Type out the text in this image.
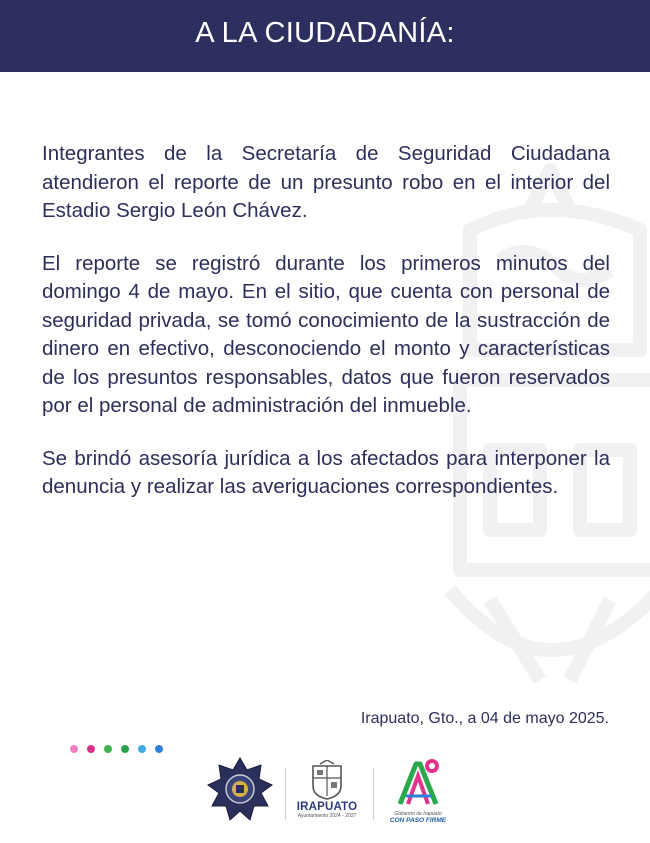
A LA CIUDADANÍA:

Integrantes de la Secretaría de Seguridad Ciudadana atendieron el reporte de un presunto robo en el interior del Estadio Sergio León Chávez.

El reporte se registró durante los primeros minutos del domingo 4 de mayo. En el sitio, que cuenta con personal de seguridad privada, se tomó conocimiento de la sustracción de dinero en efectivo, desconociendo el monto y características de los presuntos responsables, datos que fueron reservados por el personal de administración del inmueble.

Se brindó asesoría jurídica a los afectados para interponer la denuncia y realizar las averiguaciones correspondientes.

Irapuato, Gto., a 04 de mayo 2025.
IRAPUATO
Ayuntamiento 2024 - 2027	Gobierno de Irapuato
CON PASO FIRME
